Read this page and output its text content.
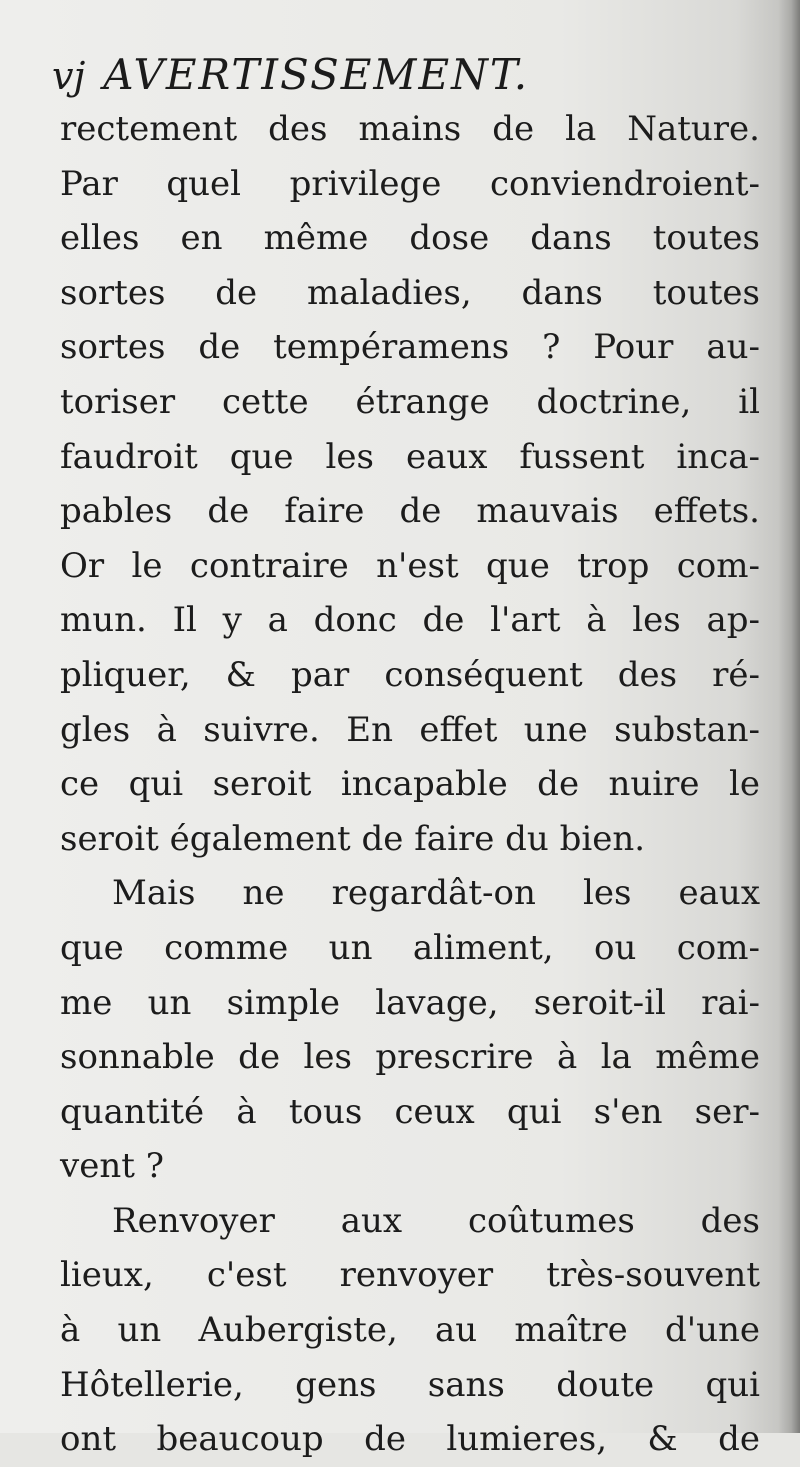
vj AVERTISSEMENT.
rectement des mains de la Nature.
Par quel privilege conviendroient-
elles en même dose dans toutes
sortes de maladies, dans toutes
sortes de tempéramens ? Pour au-
toriser cette étrange doctrine, il
faudroit que les eaux fussent inca-
pables de faire de mauvais effets.
Or le contraire n'est que trop com-
mun. Il y a donc de l'art à les ap-
pliquer, & par conséquent des ré-
gles à suivre. En effet une substan-
ce qui seroit incapable de nuire le
seroit également de faire du bien.
Mais ne regardât-on les eaux
que comme un aliment, ou com-
me un simple lavage, seroit-il rai-
sonnable de les prescrire à la même
quantité à tous ceux qui s'en ser-
vent ?
Renvoyer aux coûtumes des
lieux, c'est renvoyer très-souvent
à un Aubergiste, au maître d'une
Hôtellerie, gens sans doute qui
ont beaucoup de lumieres, & de
